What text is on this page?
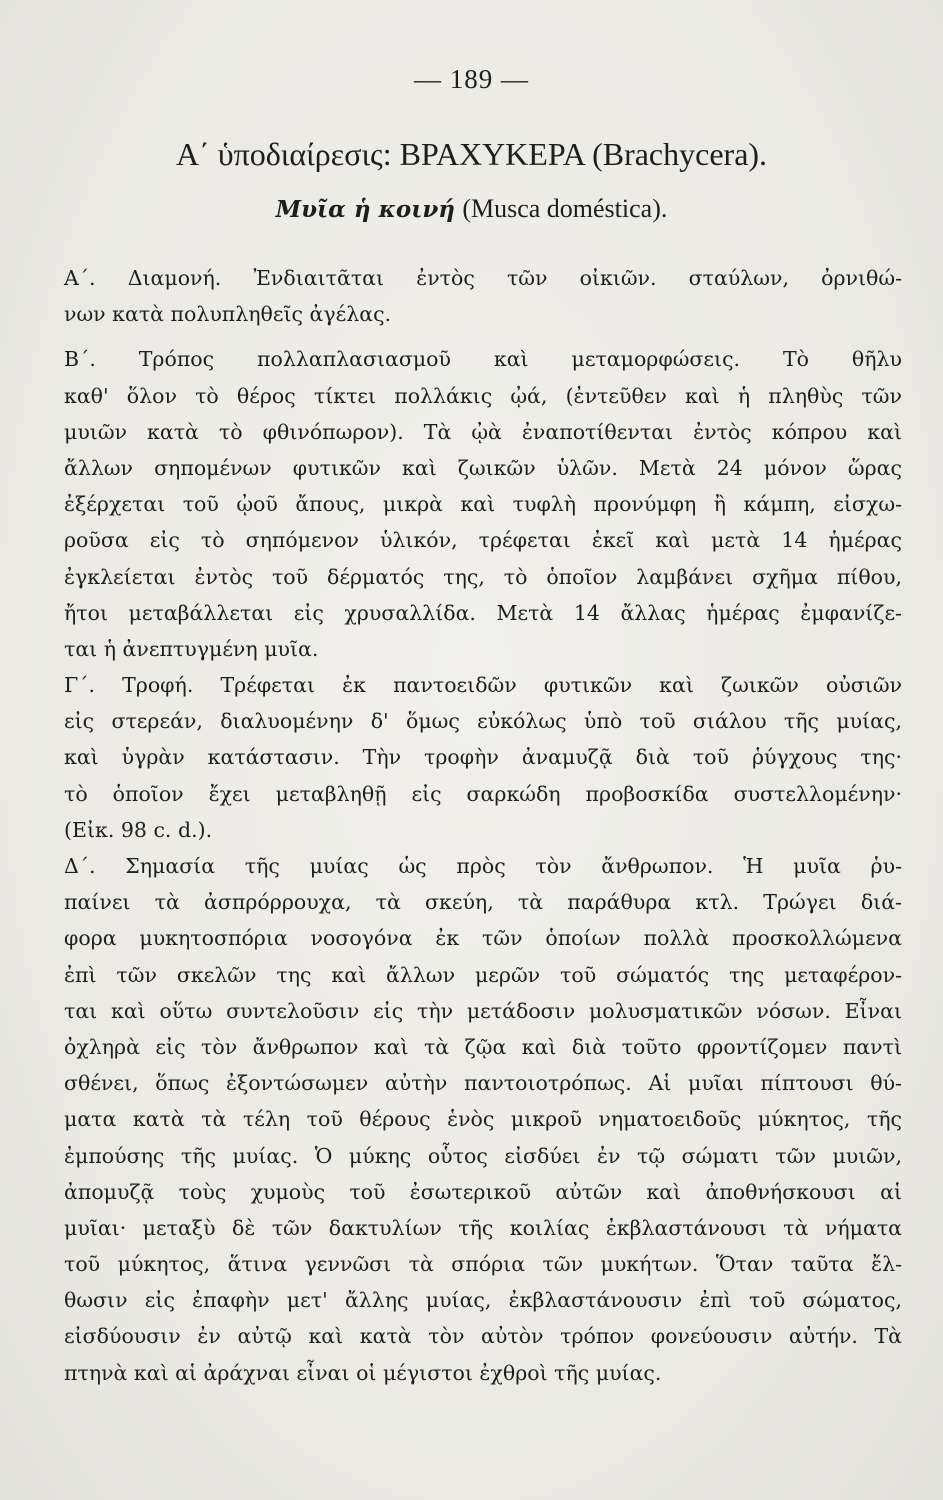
— 189 —
Α΄ ὑποδιαίρεσις: ΒΡΑΧΥΚΕΡΑ (Brachycera).
Μυῖα ἡ κοινή (Musca doméstica).
Α΄. Διαμονή. Ἐνδιαιτᾶται ἐντὸς τῶν οἰκιῶν. σταύλων, ὀρνιθώ-
νων κατὰ πολυπληθεῖς ἀγέλας.
Β΄. Τρόπος πολλαπλασιασμοῦ καὶ μεταμορφώσεις. Τὸ θῆλυ
καθ' ὅλον τὸ θέρος τίκτει πολλάκις ᾠά, (ἐντεῦθεν καὶ ἡ πληθὺς τῶν
μυιῶν κατὰ τὸ φθινόπωρον). Τὰ ᾠὰ ἐναποτίθενται ἐντὸς κόπρου καὶ
ἄλλων σηπομένων φυτικῶν καὶ ζωικῶν ὑλῶν. Μετὰ 24 μόνον ὥρας
ἐξέρχεται τοῦ ᾠοῦ ἄπους, μικρὰ καὶ τυφλὴ προνύμφη ἢ κάμπη, εἰσχω-
ροῦσα εἰς τὸ σηπόμενον ὑλικόν, τρέφεται ἐκεῖ καὶ μετὰ 14 ἡμέρας
ἐγκλείεται ἐντὸς τοῦ δέρματός της, τὸ ὁποῖον λαμβάνει σχῆμα πίθου,
ἤτοι μεταβάλλεται εἰς χρυσαλλίδα. Μετὰ 14 ἄλλας ἡμέρας ἐμφανίζε-
ται ἡ ἀνεπτυγμένη μυῖα.
Γ΄. Τροφή. Τρέφεται ἐκ παντοειδῶν φυτικῶν καὶ ζωικῶν οὐσιῶν
εἰς στερεάν, διαλυομένην δ' ὅμως εὐκόλως ὑπὸ τοῦ σιάλου τῆς μυίας,
καὶ ὑγρὰν κατάστασιν. Τὴν τροφὴν ἀναμυζᾷ διὰ τοῦ ῥύγχους της·
τὸ ὁποῖον ἔχει μεταβληθῇ εἰς σαρκώδη προβοσκίδα συστελλομένην·
(Εἰκ. 98 c. d.).
Δ΄. Σημασία τῆς μυίας ὡς πρὸς τὸν ἄνθρωπον. Ἡ μυῖα ῥυ-
παίνει τὰ ἀσπρόρρουχα, τὰ σκεύη, τὰ παράθυρα κτλ. Τρώγει διά-
φορα μυκητοσπόρια νοσογόνα ἐκ τῶν ὁποίων πολλὰ προσκολλώμενα
ἐπὶ τῶν σκελῶν της καὶ ἄλλων μερῶν τοῦ σώματός της μεταφέρον-
ται καὶ οὕτω συντελοῦσιν εἰς τὴν μετάδοσιν μολυσματικῶν νόσων. Εἶναι
ὀχληρὰ εἰς τὸν ἄνθρωπον καὶ τὰ ζῷα καὶ διὰ τοῦτο φροντίζομεν παντὶ
σθένει, ὅπως ἐξοντώσωμεν αὐτὴν παντοιοτρόπως. Αἱ μυῖαι πίπτουσι θύ-
ματα κατὰ τὰ τέλη τοῦ θέρους ἑνὸς μικροῦ νηματοειδοῦς μύκητος, τῆς
ἐμπούσης τῆς μυίας. Ὁ μύκης οὗτος εἰσδύει ἐν τῷ σώματι τῶν μυιῶν,
ἀπομυζᾷ τοὺς χυμοὺς τοῦ ἐσωτερικοῦ αὐτῶν καὶ ἀποθνήσκουσι αἱ
μυῖαι· μεταξὺ δὲ τῶν δακτυλίων τῆς κοιλίας ἐκβλαστάνουσι τὰ νήματα
τοῦ μύκητος, ἅτινα γεννῶσι τὰ σπόρια τῶν μυκήτων. Ὅταν ταῦτα ἔλ-
θωσιν εἰς ἐπαφὴν μετ' ἄλλης μυίας, ἐκβλαστάνουσιν ἐπὶ τοῦ σώματος,
εἰσδύουσιν ἐν αὐτῷ καὶ κατὰ τὸν αὐτὸν τρόπον φονεύουσιν αὐτήν. Τὰ
πτηνὰ καὶ αἱ ἀράχναι εἶναι οἱ μέγιστοι ἐχθροὶ τῆς μυίας.
